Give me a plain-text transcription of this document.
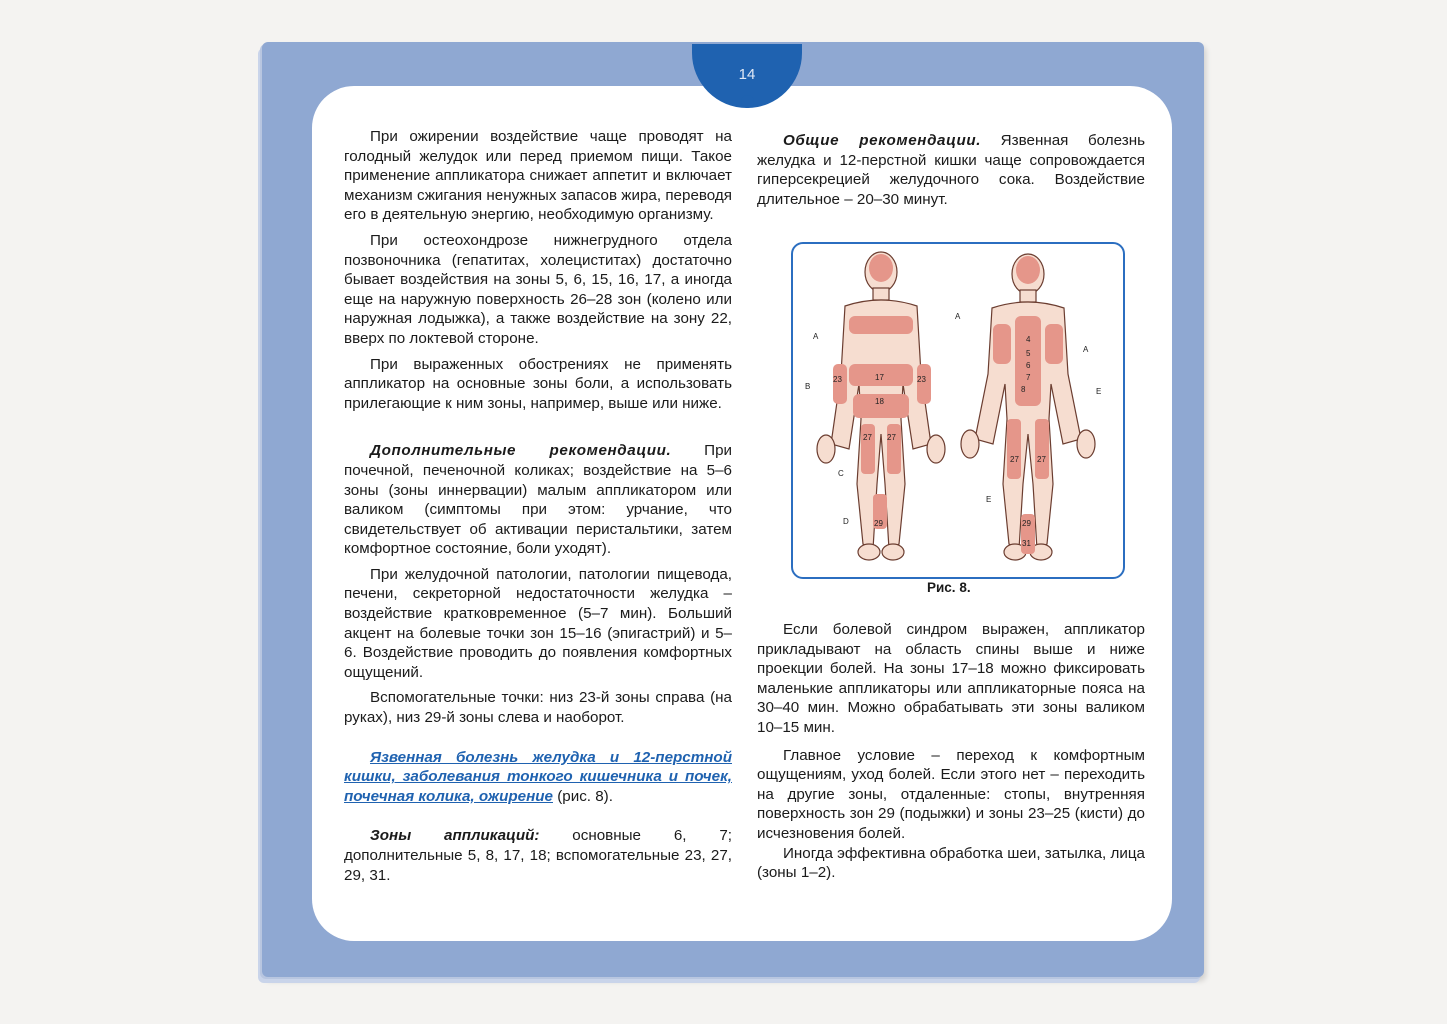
14

При ожирении воздействие чаще проводят на голодный желудок или перед приемом пищи. Такое применение аппликатора снижает аппетит и включает механизм сжигания ненужных запасов жира, переводя его в деятельную энергию, необходимую организму.

При остеохондрозе нижнегрудного отдела позвоночника (гепатитах, холециститах) достаточно бывает воздействия на зоны 5, 6, 15, 16, 17, а иногда еще на наружную поверхность 26–28 зон (колено или наружная лодыжка), а также воздействие на зону 22, вверх по локтевой стороне.

При выраженных обострениях не применять аппликатор на основные зоны боли, а использовать прилегающие к ним зоны, например, выше или ниже.

Дополнительные рекомендации. При почечной, печеночной коликах; воздействие на 5–6 зоны (зоны иннервации) малым аппликатором или валиком (симптомы при этом: урчание, что свидетельствует об активации перистальтики, затем комфортное состояние, боли уходят).

При желудочной патологии, патологии пищевода, печени, секреторной недостаточности желудка – воздействие кратковременное (5–7 мин). Больший акцент на болевые точки зон 15–16 (эпигастрий) и 5–6. Воздействие проводить до появления комфортных ощущений.

Вспомогательные точки: низ 23-й зоны справа (на руках), низ 29-й зоны слева и наоборот.

Язвенная болезнь желудка и 12-перстной кишки, заболевания тонкого кишечника и почек, почечная колика, ожирение (рис. 8).

Зоны аппликаций: основные 6, 7; дополнительные 5, 8, 17, 18; вспомогательные 23, 27, 29, 31.

Общие рекомендации. Язвенная болезнь желудка и 12-перстной кишки чаще сопровождается гиперсекрецией желудочного сока. Воздействие длительное – 20–30 минут.

A
B
C
D
23	17
18
27 27
29
23
A
E
4
5
6
7
8
27 27
29
31
E
A
Рис. 8.

Если болевой синдром выражен, аппликатор прикладывают на область спины выше и ниже проекции болей. На зоны 17–18 можно фиксировать маленькие аппликаторы или аппликаторные пояса на 30–40 мин. Можно обрабатывать эти зоны валиком 10–15 мин.

Главное условие – переход к комфортным ощущениям, уход болей. Если этого нет – переходить на другие зоны, отдаленные: стопы, внутренняя поверхность зон 29 (подыжки) и зоны 23–25 (кисти) до исчезновения болей.

Иногда эффективна обработка шеи, затылка, лица (зоны 1–2).
